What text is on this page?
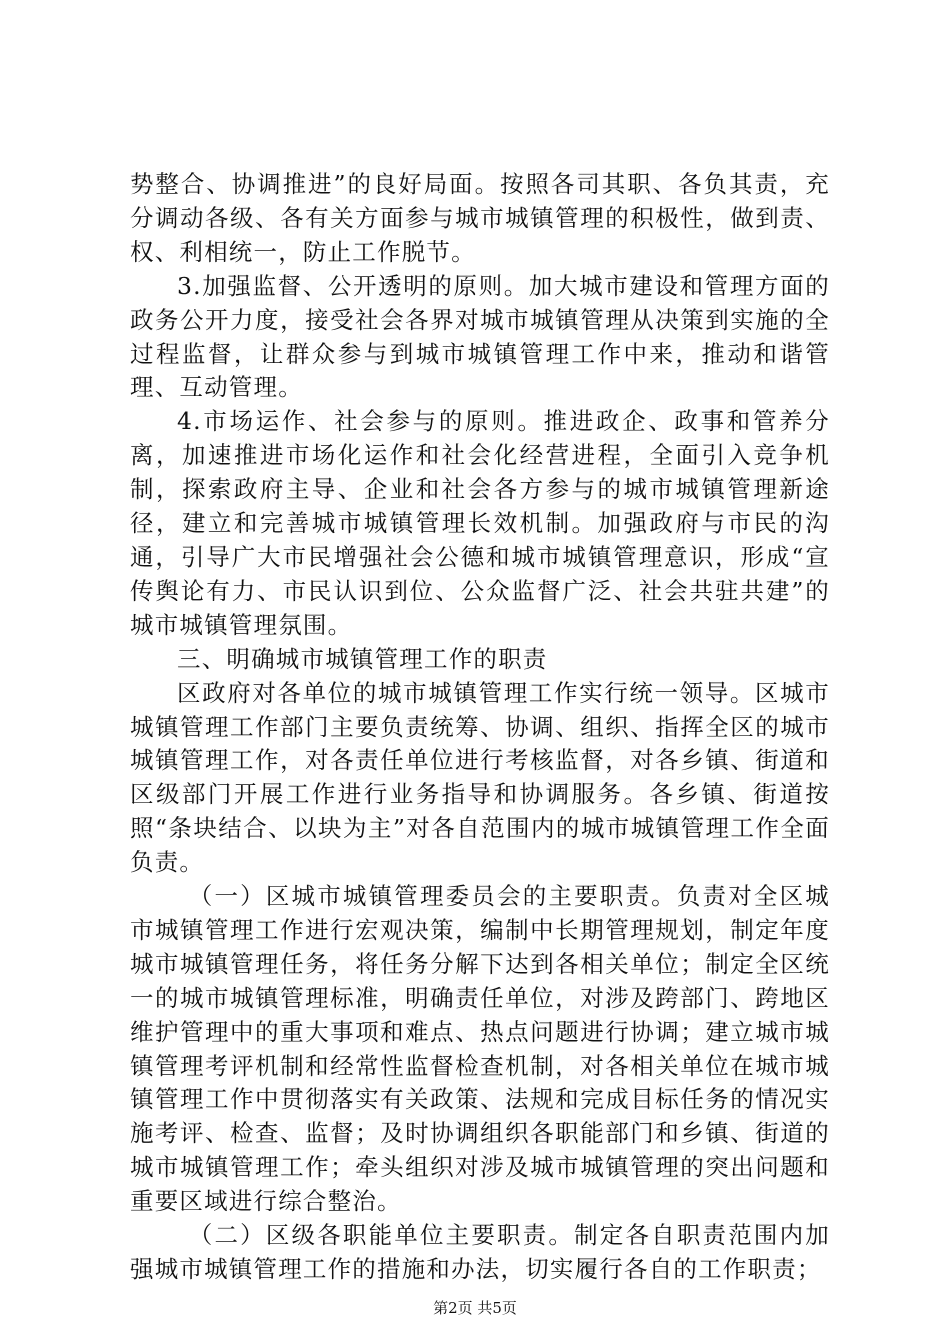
势整合、协调推进”的良好局面。按照各司其职、各负其责，充分调动各级、各有关方面参与城市城镇管理的积极性，做到责、权、利相统一，防止工作脱节。

3.加强监督、公开透明的原则。加大城市建设和管理方面的政务公开力度，接受社会各界对城市城镇管理从决策到实施的全过程监督，让群众参与到城市城镇管理工作中来，推动和谐管理、互动管理。

4.市场运作、社会参与的原则。推进政企、政事和管养分离，加速推进市场化运作和社会化经营进程，全面引入竞争机制，探索政府主导、企业和社会各方参与的城市城镇管理新途径，建立和完善城市城镇管理长效机制。加强政府与市民的沟通，引导广大市民增强社会公德和城市城镇管理意识，形成“宣传舆论有力、市民认识到位、公众监督广泛、社会共驻共建”的城市城镇管理氛围。

三、明确城市城镇管理工作的职责

区政府对各单位的城市城镇管理工作实行统一领导。区城市城镇管理工作部门主要负责统筹、协调、组织、指挥全区的城市城镇管理工作，对各责任单位进行考核监督，对各乡镇、街道和区级部门开展工作进行业务指导和协调服务。各乡镇、街道按照“条块结合、以块为主”对各自范围内的城市城镇管理工作全面负责。

（一）区城市城镇管理委员会的主要职责。负责对全区城市城镇管理工作进行宏观决策，编制中长期管理规划，制定年度城市城镇管理任务，将任务分解下达到各相关单位；制定全区统一的城市城镇管理标准，明确责任单位，对涉及跨部门、跨地区维护管理中的重大事项和难点、热点问题进行协调；建立城市城镇管理考评机制和经常性监督检查机制，对各相关单位在城市城镇管理工作中贯彻落实有关政策、法规和完成目标任务的情况实施考评、检查、监督；及时协调组织各职能部门和乡镇、街道的城市城镇管理工作；牵头组织对涉及城市城镇管理的突出问题和重要区域进行综合整治。

（二）区级各职能单位主要职责。制定各自职责范围内加强城市城镇管理工作的措施和办法，切实履行各自的工作职责；

第2页 共5页
